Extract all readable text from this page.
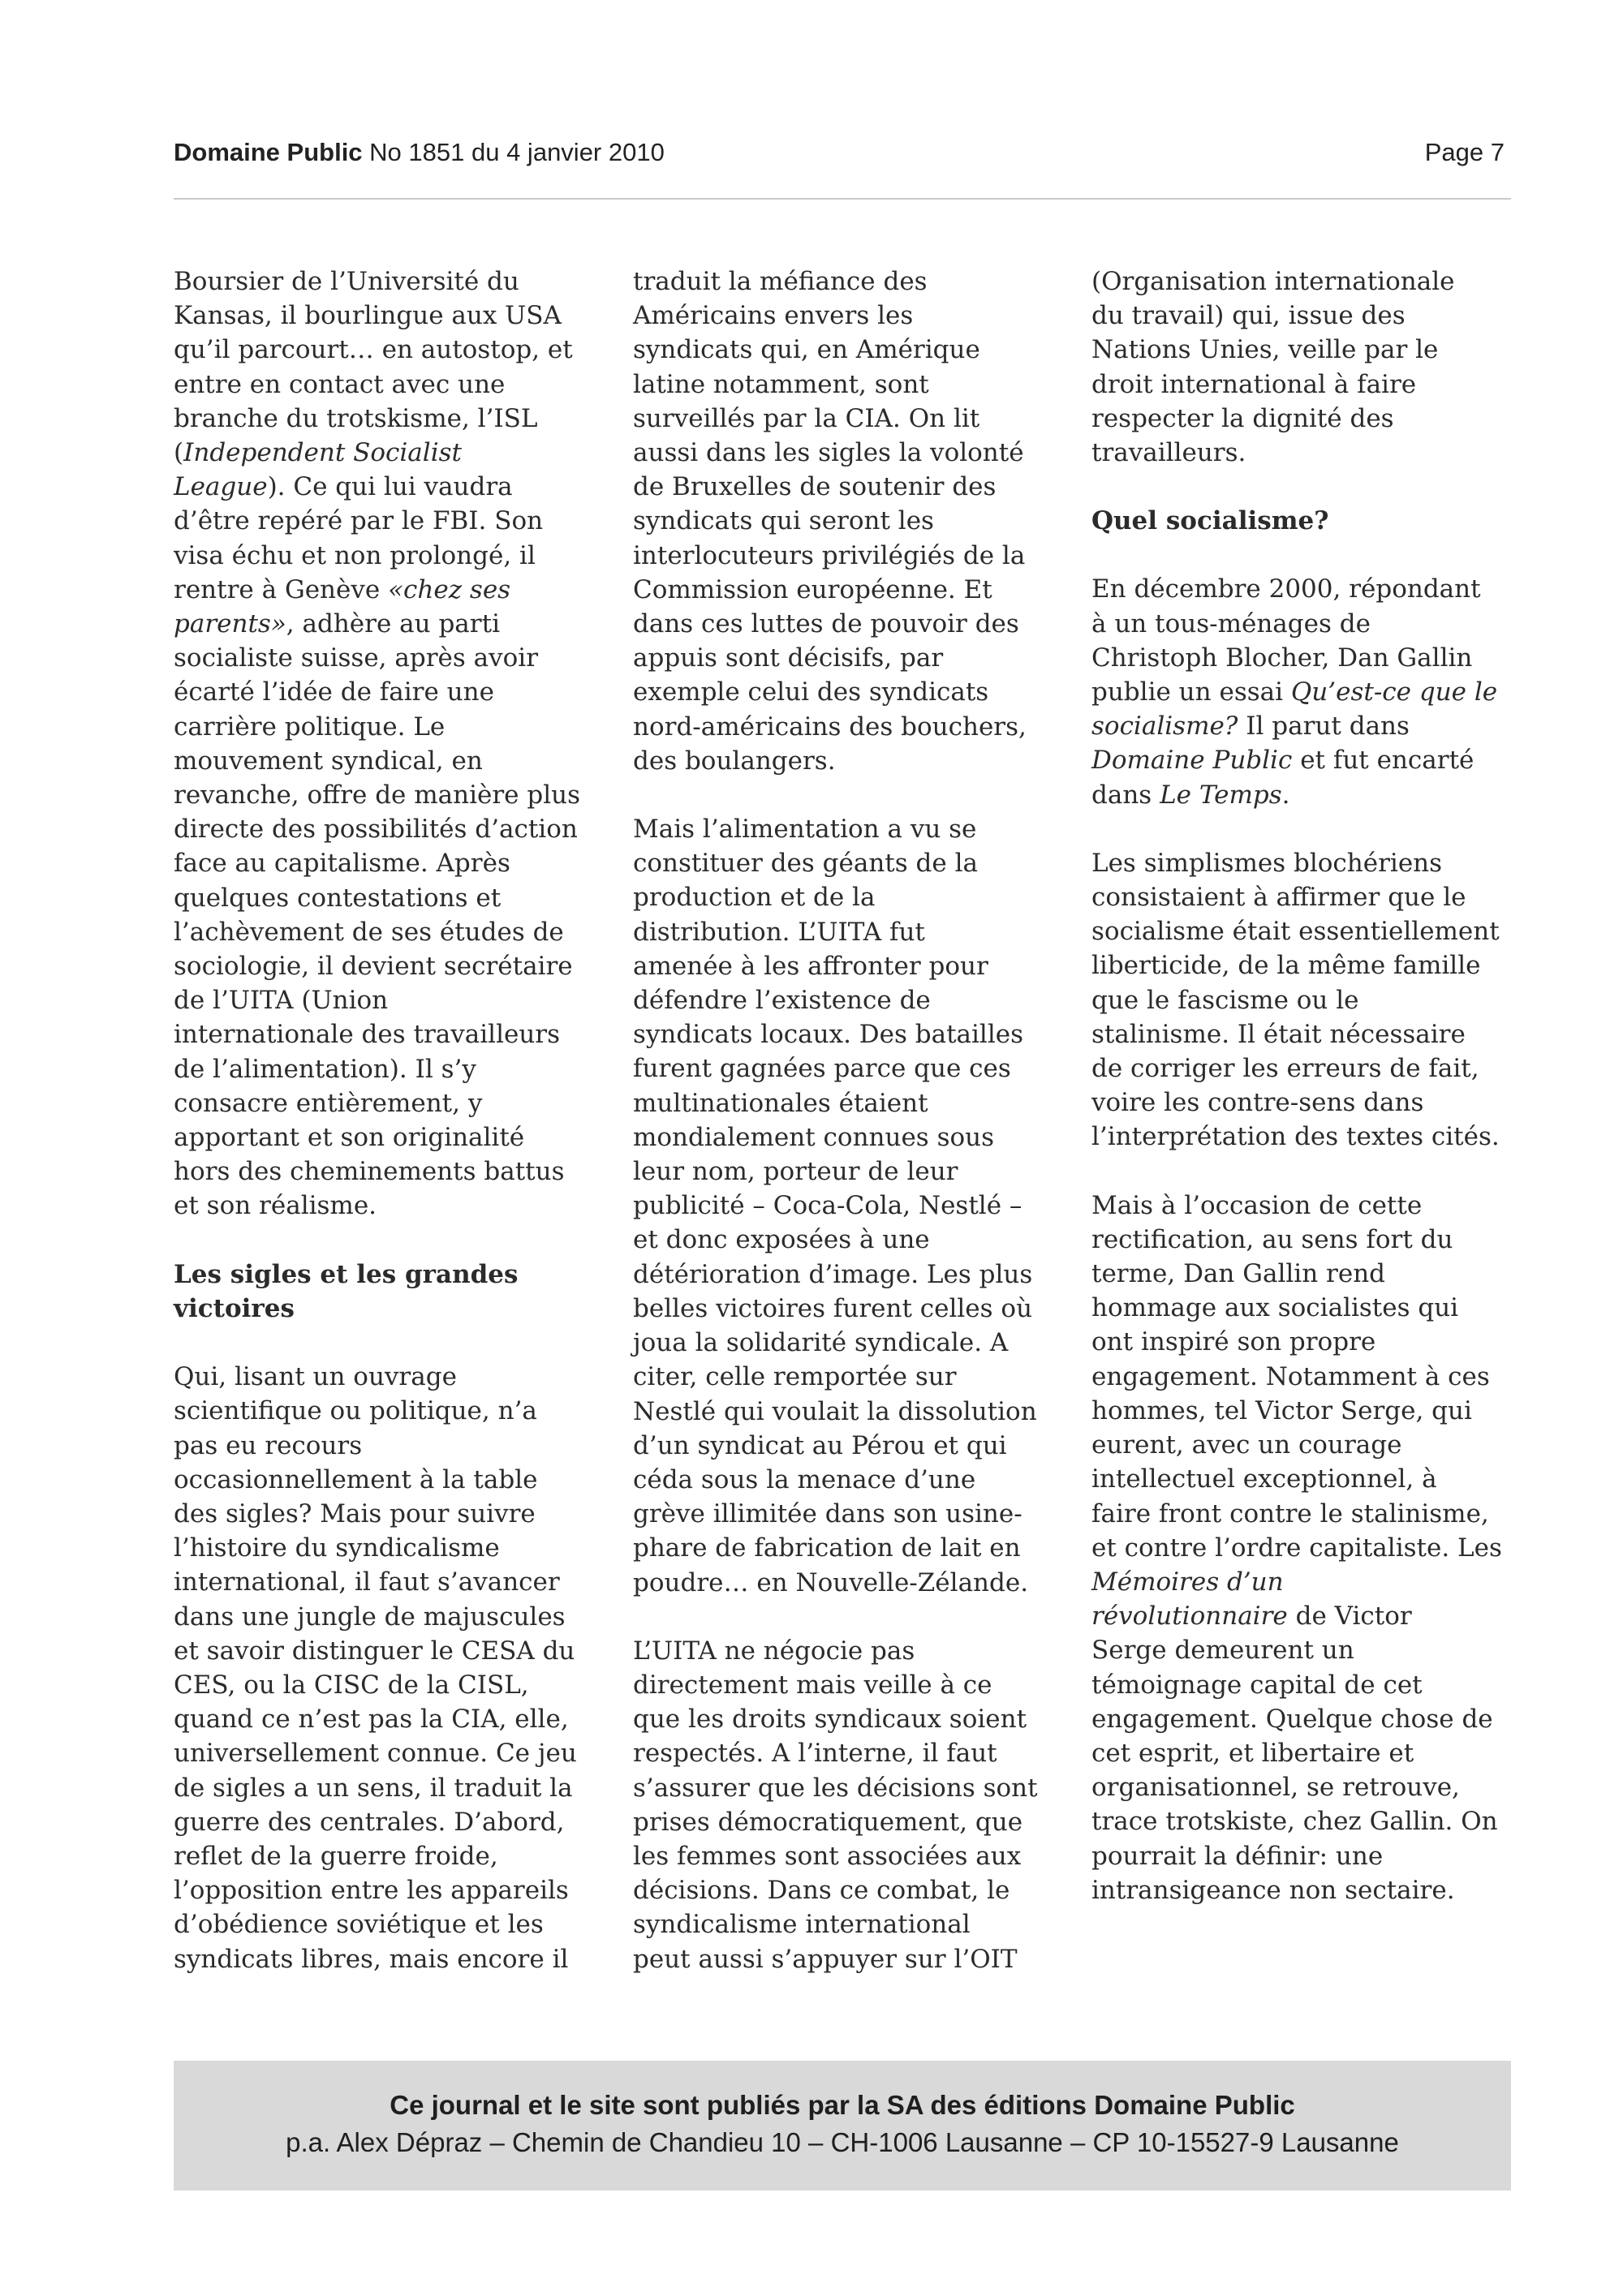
Domaine Public No 1851 du 4 janvier 2010	Page 7

Boursier de l’Université du
Kansas, il bourlingue aux USA
qu’il parcourt… en autostop, et
entre en contact avec une
branche du trotskisme, l’ISL
(Independent Socialist
League). Ce qui lui vaudra
d’être repéré par le FBI. Son
visa échu et non prolongé, il
rentre à Genève «chez ses
parents», adhère au parti
socialiste suisse, après avoir
écarté l’idée de faire une
carrière politique. Le
mouvement syndical, en
revanche, offre de manière plus
directe des possibilités d’action
face au capitalisme. Après
quelques contestations et
l’achèvement de ses études de
sociologie, il devient secrétaire
de l’UITA (Union
internationale des travailleurs
de l’alimentation). Il s’y
consacre entièrement, y
apportant et son originalité
hors des cheminements battus
et son réalisme.

Les sigles et les grandes
victoires

Qui, lisant un ouvrage
scientifique ou politique, n’a
pas eu recours
occasionnellement à la table
des sigles? Mais pour suivre
l’histoire du syndicalisme
international, il faut s’avancer
dans une jungle de majuscules
et savoir distinguer le CESA du
CES, ou la CISC de la CISL,
quand ce n’est pas la CIA, elle,
universellement connue. Ce jeu
de sigles a un sens, il traduit la
guerre des centrales. D’abord,
reflet de la guerre froide,
l’opposition entre les appareils
d’obédience soviétique et les
syndicats libres, mais encore il

traduit la méfiance des
Américains envers les
syndicats qui, en Amérique
latine notamment, sont
surveillés par la CIA. On lit
aussi dans les sigles la volonté
de Bruxelles de soutenir des
syndicats qui seront les
interlocuteurs privilégiés de la
Commission européenne. Et
dans ces luttes de pouvoir des
appuis sont décisifs, par
exemple celui des syndicats
nord-américains des bouchers,
des boulangers.

Mais l’alimentation a vu se
constituer des géants de la
production et de la
distribution. L’UITA fut
amenée à les affronter pour
défendre l’existence de
syndicats locaux. Des batailles
furent gagnées parce que ces
multinationales étaient
mondialement connues sous
leur nom, porteur de leur
publicité – Coca-Cola, Nestlé –
et donc exposées à une
détérioration d’image. Les plus
belles victoires furent celles où
joua la solidarité syndicale. A
citer, celle remportée sur
Nestlé qui voulait la dissolution
d’un syndicat au Pérou et qui
céda sous la menace d’une
grève illimitée dans son usine-
phare de fabrication de lait en
poudre… en Nouvelle-Zélande.

L’UITA ne négocie pas
directement mais veille à ce
que les droits syndicaux soient
respectés. A l’interne, il faut
s’assurer que les décisions sont
prises démocratiquement, que
les femmes sont associées aux
décisions. Dans ce combat, le
syndicalisme international
peut aussi s’appuyer sur l’OIT

(Organisation internationale
du travail) qui, issue des
Nations Unies, veille par le
droit international à faire
respecter la dignité des
travailleurs.

Quel socialisme?

En décembre 2000, répondant
à un tous-ménages de
Christoph Blocher, Dan Gallin
publie un essai Qu’est-ce que le
socialisme? Il parut dans
Domaine Public et fut encarté
dans Le Temps.

Les simplismes blochériens
consistaient à affirmer que le
socialisme était essentiellement
liberticide, de la même famille
que le fascisme ou le
stalinisme. Il était nécessaire
de corriger les erreurs de fait,
voire les contre-sens dans
l’interprétation des textes cités.

Mais à l’occasion de cette
rectification, au sens fort du
terme, Dan Gallin rend
hommage aux socialistes qui
ont inspiré son propre
engagement. Notamment à ces
hommes, tel Victor Serge, qui
eurent, avec un courage
intellectuel exceptionnel, à
faire front contre le stalinisme,
et contre l’ordre capitaliste. Les
Mémoires d’un
révolutionnaire de Victor
Serge demeurent un
témoignage capital de cet
engagement. Quelque chose de
cet esprit, et libertaire et
organisationnel, se retrouve,
trace trotskiste, chez Gallin. On
pourrait la définir: une
intransigeance non sectaire.

Ce journal et le site sont publiés par la SA des éditions Domaine Public
p.a. Alex Dépraz – Chemin de Chandieu 10 – CH-1006 Lausanne – CP 10-15527-9 Lausanne
